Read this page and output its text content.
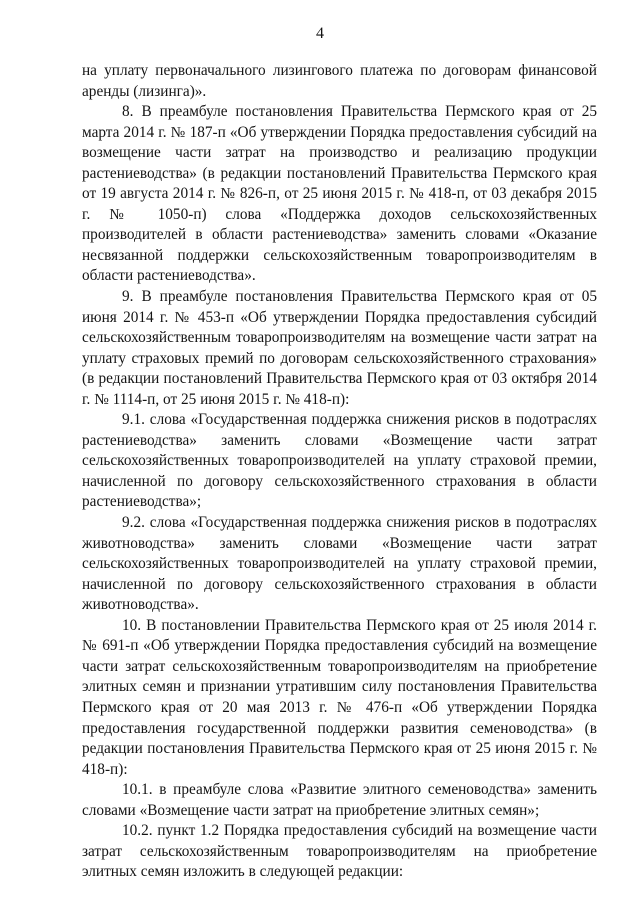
4

на уплату первоначального лизингового платежа по договорам финансовой аренды (лизинга)».

8. В преамбуле постановления Правительства Пермского края от 25 марта 2014 г. № 187-п «Об утверждении Порядка предоставления субсидий на возмещение части затрат на производство и реализацию продукции растениеводства» (в редакции постановлений Правительства Пермского края от 19 августа 2014 г. № 826-п, от 25 июня 2015 г. № 418-п, от 03 декабря 2015 г. № 1050-п) слова «Поддержка доходов сельскохозяйственных производителей в области растениеводства» заменить словами «Оказание несвязанной поддержки сельскохозяйственным товаропроизводителям в области растениеводства».

9. В преамбуле постановления Правительства Пермского края от 05 июня 2014 г. № 453-п «Об утверждении Порядка предоставления субсидий сельскохозяйственным товаропроизводителям на возмещение части затрат на уплату страховых премий по договорам сельскохозяйственного страхования» (в редакции постановлений Правительства Пермского края от 03 октября 2014 г. № 1114-п, от 25 июня 2015 г. № 418-п):

9.1. слова «Государственная поддержка снижения рисков в подотраслях растениеводства» заменить словами «Возмещение части затрат сельскохозяйственных товаропроизводителей на уплату страховой премии, начисленной по договору сельскохозяйственного страхования в области растениеводства»;

9.2. слова «Государственная поддержка снижения рисков в подотраслях животноводства» заменить словами «Возмещение части затрат сельскохозяйственных товаропроизводителей на уплату страховой премии, начисленной по договору сельскохозяйственного страхования в области животноводства».

10. В постановлении Правительства Пермского края от 25 июля 2014 г. № 691-п «Об утверждении Порядка предоставления субсидий на возмещение части затрат сельскохозяйственным товаропроизводителям на приобретение элитных семян и признании утратившим силу постановления Правительства Пермского края от 20 мая 2013 г. № 476-п «Об утверждении Порядка предоставления государственной поддержки развития семеноводства» (в редакции постановления Правительства Пермского края от 25 июня 2015 г. № 418-п):

10.1. в преамбуле слова «Развитие элитного семеноводства» заменить словами «Возмещение части затрат на приобретение элитных семян»;

10.2. пункт 1.2 Порядка предоставления субсидий на возмещение части затрат сельскохозяйственным товаропроизводителям на приобретение элитных семян изложить в следующей редакции:
